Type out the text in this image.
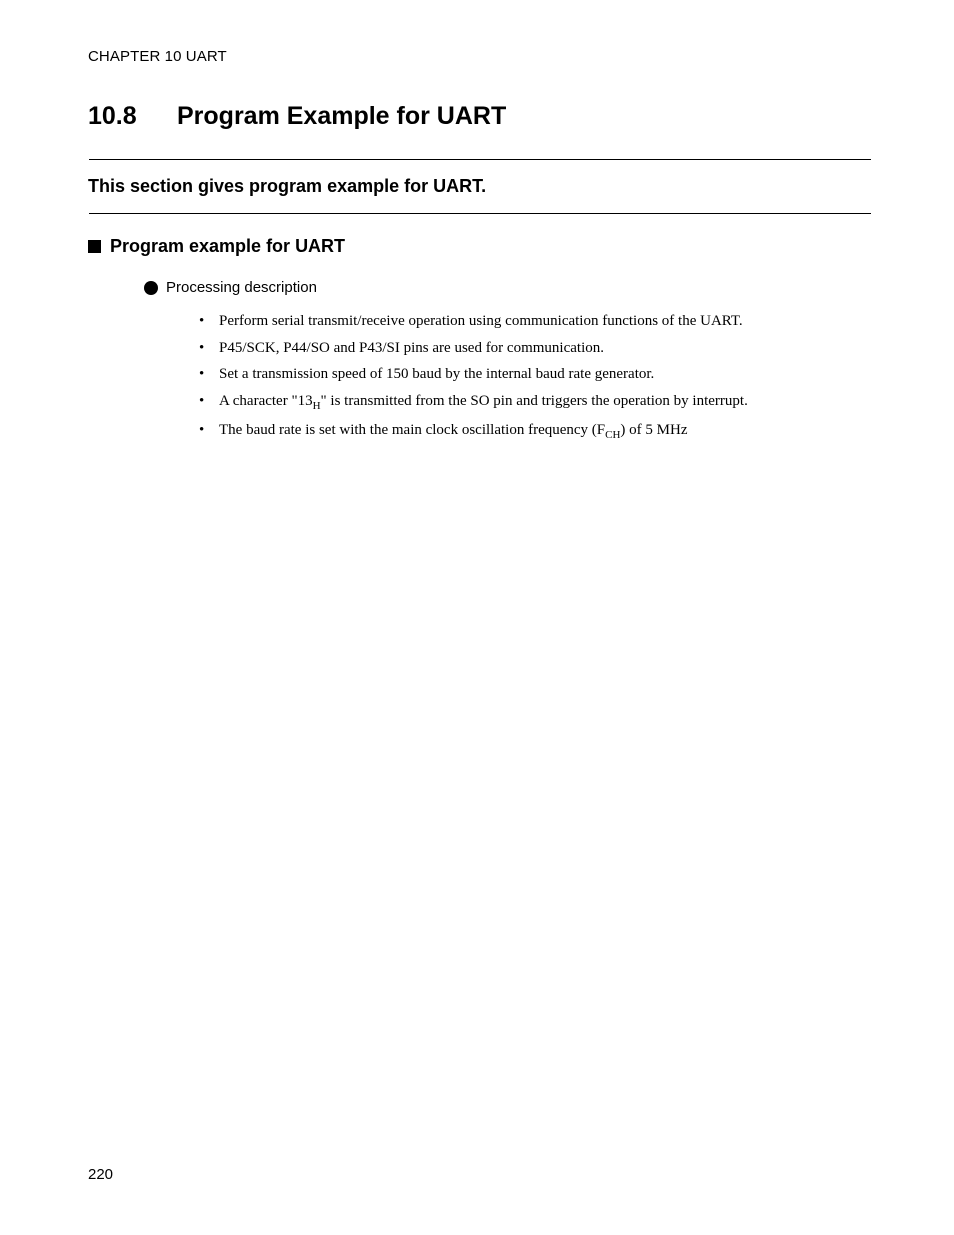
CHAPTER 10 UART
10.8 Program Example for UART
This section gives program example for UART.
Program example for UART
Processing description
• Perform serial transmit/receive operation using communication functions of the UART.
• P45/SCK, P44/SO and P43/SI pins are used for communication.
• Set a transmission speed of 150 baud by the internal baud rate generator.
• A character "$13_H$" is transmitted from the SO pin and triggers the operation by interrupt.
• The baud rate is set with the main clock oscillation frequency $(F_{CH})$ of 5 MHz
220
